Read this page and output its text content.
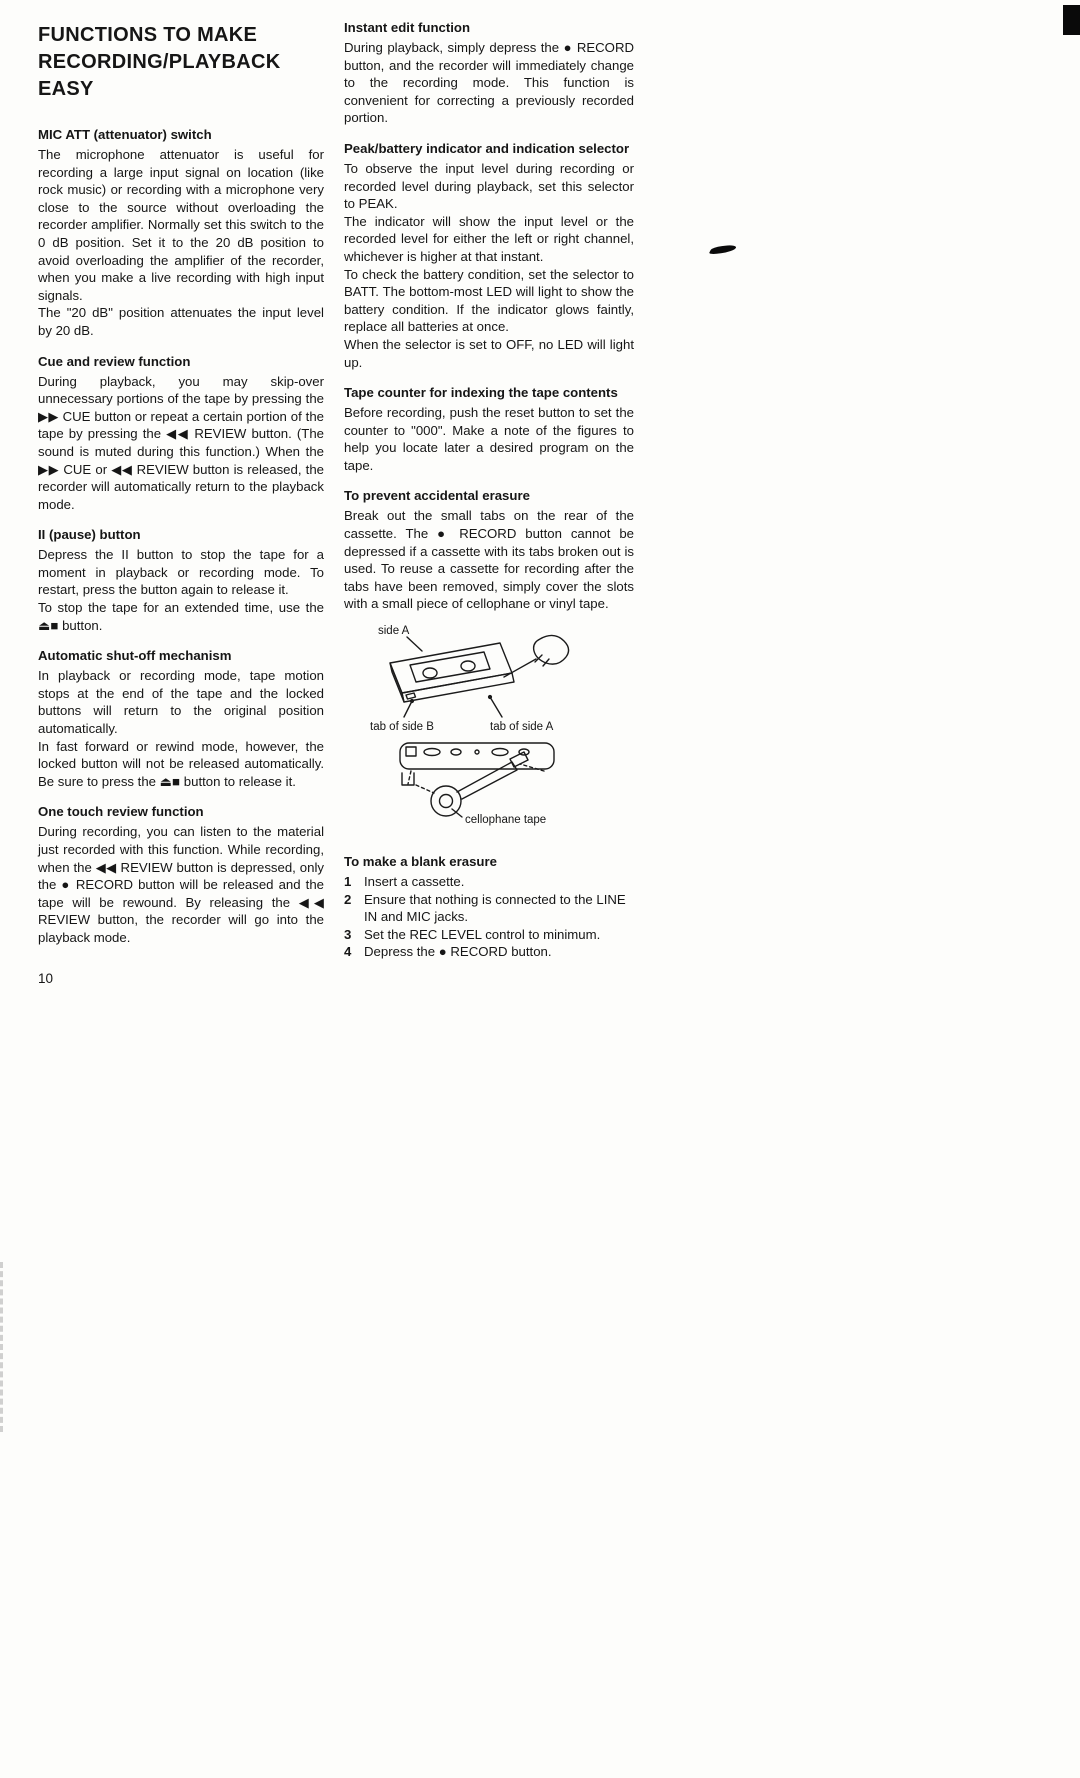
FUNCTIONS TO MAKE
RECORDING/PLAYBACK
EASY
MIC ATT (attenuator) switch

The microphone attenuator is useful for recording a large input signal on location (like rock music) or recording with a microphone very close to the source without overloading the recorder amplifier. Normally set this switch to the 0 dB position. Set it to the 20 dB position to avoid overloading the amplifier of the recorder, when you make a live recording with high input signals.

The "20 dB" position attenuates the input level by 20 dB.

Cue and review function

During playback, you may skip-over unnecessary portions of the tape by pressing the ▶▶ CUE button or repeat a certain portion of the tape by pressing the ◀◀ REVIEW button. (The sound is muted during this function.) When the ▶▶ CUE or ◀◀ REVIEW button is released, the recorder will automatically return to the playback mode.

II (pause) button

Depress the II button to stop the tape for a moment in playback or recording mode. To restart, press the button again to release it.

To stop the tape for an extended time, use the ⏏■ button.

Automatic shut-off mechanism

In playback or recording mode, tape motion stops at the end of the tape and the locked buttons will return to the original position automatically.

In fast forward or rewind mode, however, the locked button will not be released automatically. Be sure to press the ⏏■ button to release it.

One touch review function

During recording, you can listen to the material just recorded with this function. While recording, when the ◀◀ REVIEW button is depressed, only the ● RECORD button will be released and the tape will be rewound. By releasing the ◀◀ REVIEW button, the recorder will go into the playback mode.

10
Instant edit function

During playback, simply depress the ● RECORD button, and the recorder will immediately change to the recording mode. This function is convenient for correcting a previously recorded portion.

Peak/battery indicator and indication selector

To observe the input level during recording or recorded level during playback, set this selector to PEAK.

The indicator will show the input level or the recorded level for either the left or right channel, whichever is higher at that instant.

To check the battery condition, set the selector to BATT. The bottom-most LED will light to show the battery condition. If the indicator glows faintly, replace all batteries at once.

When the selector is set to OFF, no LED will light up.

Tape counter for indexing the tape contents

Before recording, push the reset button to set the counter to "000". Make a note of the figures to help you locate later a desired program on the tape.

To prevent accidental erasure

Break out the small tabs on the rear of the cassette. The ● RECORD button cannot be depressed if a cassette with its tabs broken out is used. To reuse a cassette for recording after the tabs have been removed, simply cover the slots with a small piece of cellophane or vinyl tape.

side A
tab of side B	tab of side A
cellophane tape
To make a blank erasure
1 Insert a cassette.
2 Ensure that nothing is connected to the LINE IN and MIC jacks.
3 Set the REC LEVEL control to minimum.
4 Depress the ● RECORD button.
